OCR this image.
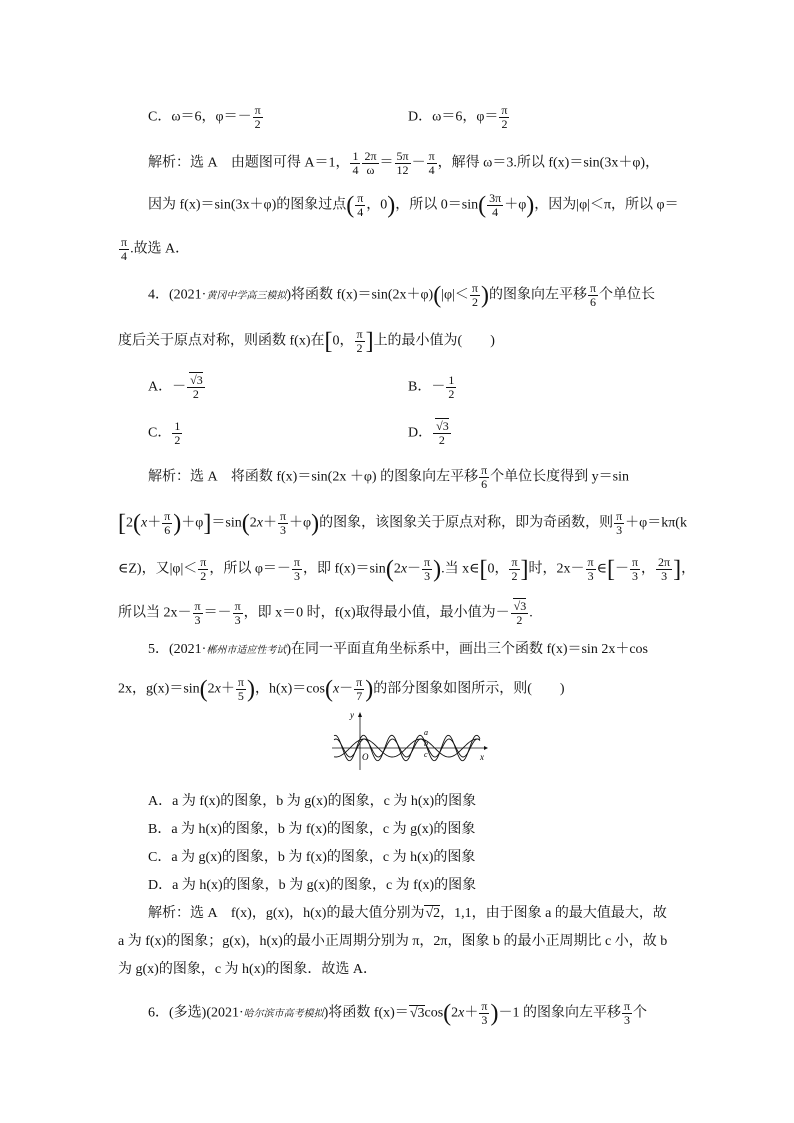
C．ω＝6，$\varphi=- \frac{\pi}{2}$	D．ω＝6，$\varphi= \frac{\pi}{2}$
解析：选 A　由题图可得 A＝1， $\frac{1}{4} \frac{2\pi}{\omega} = \frac{5\pi}{12} - \frac{\pi}{4}$ ，解得 ω＝3.所以 f(x)＝sin(3x＋φ)，
因为 f(x)＝sin(3x＋φ)的图象过点( $\frac{\pi}{4}$ ，0)，所以 $0=\sin( \frac{3\pi}{4} +\varphi)$，因为|φ|＜π，所以 φ＝
$\frac{\pi}{4}$ .故选 A．
4．(2021·黄冈中学高三模拟)将函数 $f(x)=\sin(2x+\varphi)(|\varphi|< \frac{\pi}{2}$ )的图象向左平移 $\frac{\pi}{6}$ 个单位长
度后关于原点对称，则函数 f(x)在[0， $\frac{\pi}{2}$ ]上的最小值为(　　)
A．－ $\frac{√3}{2}$	B．－ $\frac{1}{2}$
C． $\frac{1}{2}$	D． $\frac{√3}{2}$
解析：选 A　将函数 f(x)＝sin(2x ＋φ) 的图象向左平移 $\frac{\pi}{6}$ 个单位长度得到 y＝sin
$[2(x+ \frac{\pi}{6} )+\varphi]=\sin(2x+ \frac{\pi}{3} +\varphi)$的图象，该图象关于原点对称，即为奇函数，则 $\frac{\pi}{3} +\varphi=k\pi(k$
∈Z)，又$|\varphi|< \frac{\pi}{2}$ ，所以 $\varphi=- \frac{\pi}{3}$ ，即 $f(x)=\sin(2x- \frac{\pi}{3}$ ).当 x∈[0， $\frac{\pi}{2}$ ]时，$2x- \frac{\pi}{3}$ ∈[－ $\frac{\pi}{3}$ ， $\frac{2\pi}{3}$ ]，
所以当 $2x- \frac{\pi}{3} =- \frac{\pi}{3}$ ，即 x＝0 时，f(x)取得最小值，最小值为－ $\frac{√3}{2}$ .
5．(2021·郴州市适应性考试)在同一平面直角坐标系中，画出三个函数 f(x)＝sin 2x＋cos
2x，$g(x)=\sin(2x+ \frac{\pi}{5}$ )，$h(x)=\cos(x- \frac{\pi}{7}$ )的部分图象如图所示，则(　　)
y
x
O
a
b
c
A．a 为 f(x)的图象，b 为 g(x)的图象，c 为 h(x)的图象
B．a 为 h(x)的图象，b 为 f(x)的图象，c 为 g(x)的图象
C．a 为 g(x)的图象，b 为 f(x)的图象，c 为 h(x)的图象
D．a 为 h(x)的图象，b 为 g(x)的图象，c 为 f(x)的图象
解析：选 A　f(x)，g(x)，h(x)的最大值分别为√2，1,1，由于图象 a 的最大值最大，故
a 为 f(x)的图象；g(x)，h(x)的最小正周期分别为 π，2π，图象 b 的最小正周期比 c 小，故 b
为 g(x)的图象，c 为 h(x)的图象．故选 A．
6．(多选)(2021·哈尔滨市高考模拟)将函数 $f(x)=√3\cos(2x+ \frac{\pi}{3} )-1$ 的图象向左平移 $\frac{\pi}{3}$ 个
